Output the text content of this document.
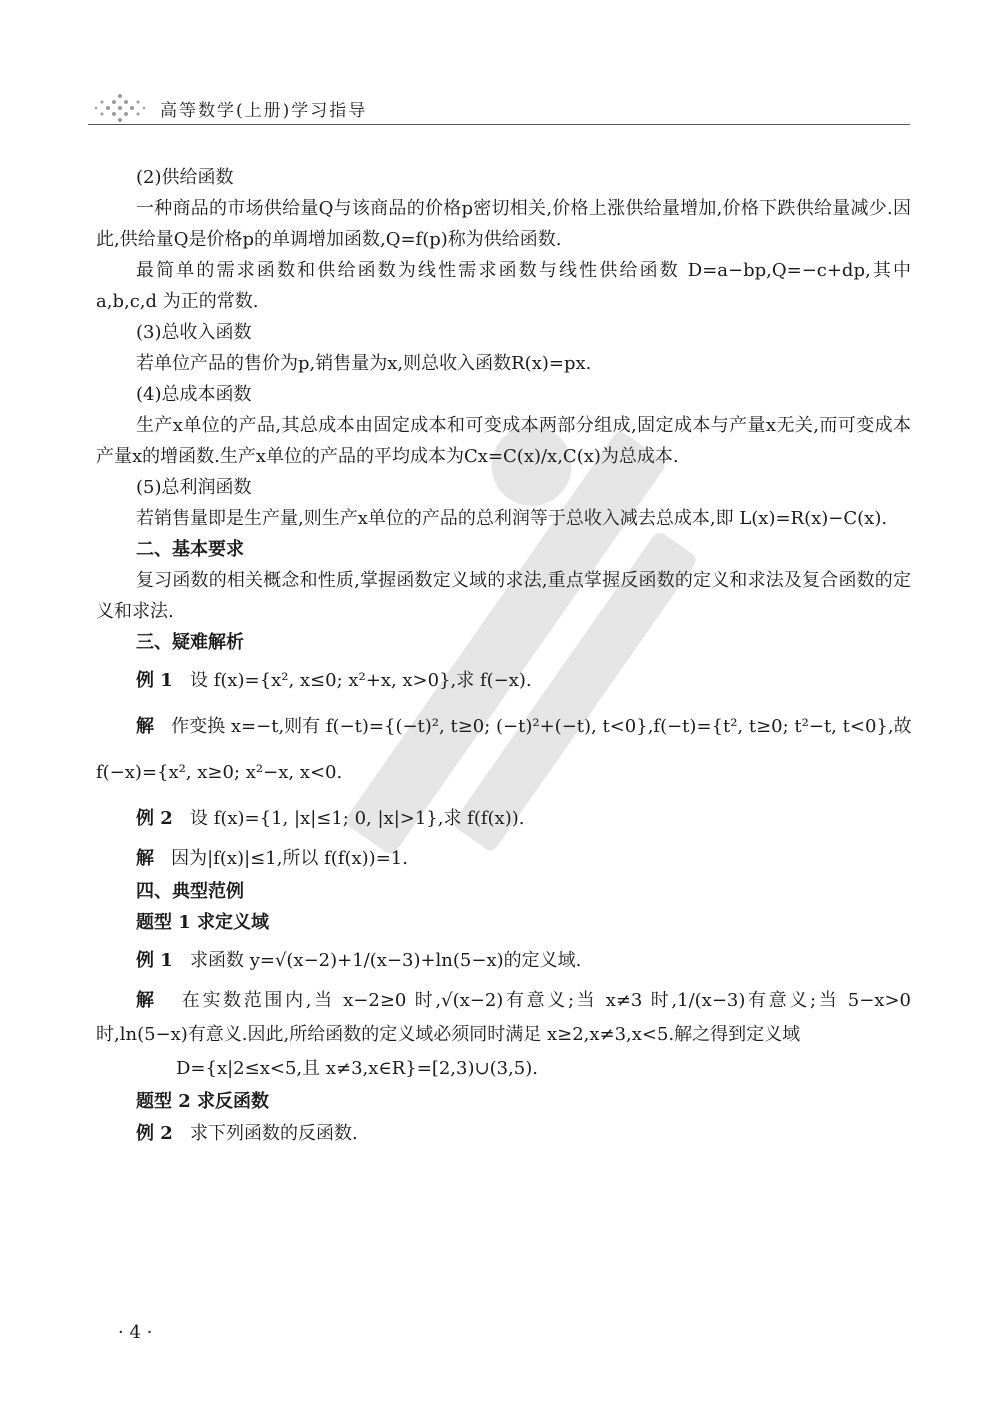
高等数学(上册)学习指导

(2)供给函数

一种商品的市场供给量Q与该商品的价格p密切相关,价格上涨供给量增加,价格下跌供给量减少.因此,供给量Q是价格p的单调增加函数,Q=f(p)称为供给函数.

最简单的需求函数和供给函数为线性需求函数与线性供给函数 D=a−bp,Q=−c+dp,其中 a,b,c,d 为正的常数.

(3)总收入函数

若单位产品的售价为p,销售量为x,则总收入函数R(x)=px.

(4)总成本函数

生产x单位的产品,其总成本由固定成本和可变成本两部分组成,固定成本与产量x无关,而可变成本产量x的增函数.生产x单位的产品的平均成本为Cx=C(x)/x,C(x)为总成本.

(5)总利润函数

若销售量即是生产量,则生产x单位的产品的总利润等于总收入减去总成本,即 L(x)=R(x)−C(x).

二、基本要求

复习函数的相关概念和性质,掌握函数定义域的求法,重点掌握反函数的定义和求法及复合函数的定义和求法.

三、疑难解析

例 1 设 f(x)={x², x≤0; x²+x, x>0},求 f(−x).

解 作变换 x=−t,则有 f(−t)={(−t)², t≥0; (−t)²+(−t), t<0},f(−t)={t², t≥0; t²−t, t<0},故

f(−x)={x², x≥0; x²−x, x<0.

例 2 设 f(x)={1, |x|≤1; 0, |x|>1},求 f(f(x)).

解 因为|f(x)|≤1,所以 f(f(x))=1.

四、典型范例

题型 1 求定义域

例 1 求函数 y=√(x−2)+1/(x−3)+ln(5−x)的定义域.

解 在实数范围内,当 x−2≥0 时,√(x−2)有意义;当 x≠3 时,1/(x−3)有意义;当 5−x>0 时,ln(5−x)有意义.因此,所给函数的定义域必须同时满足 x≥2,x≠3,x<5.解之得到定义域

D={x|2≤x<5,且 x≠3,x∈R}=[2,3)∪(3,5).

题型 2 求反函数

例 2 求下列函数的反函数.

· 4 ·
